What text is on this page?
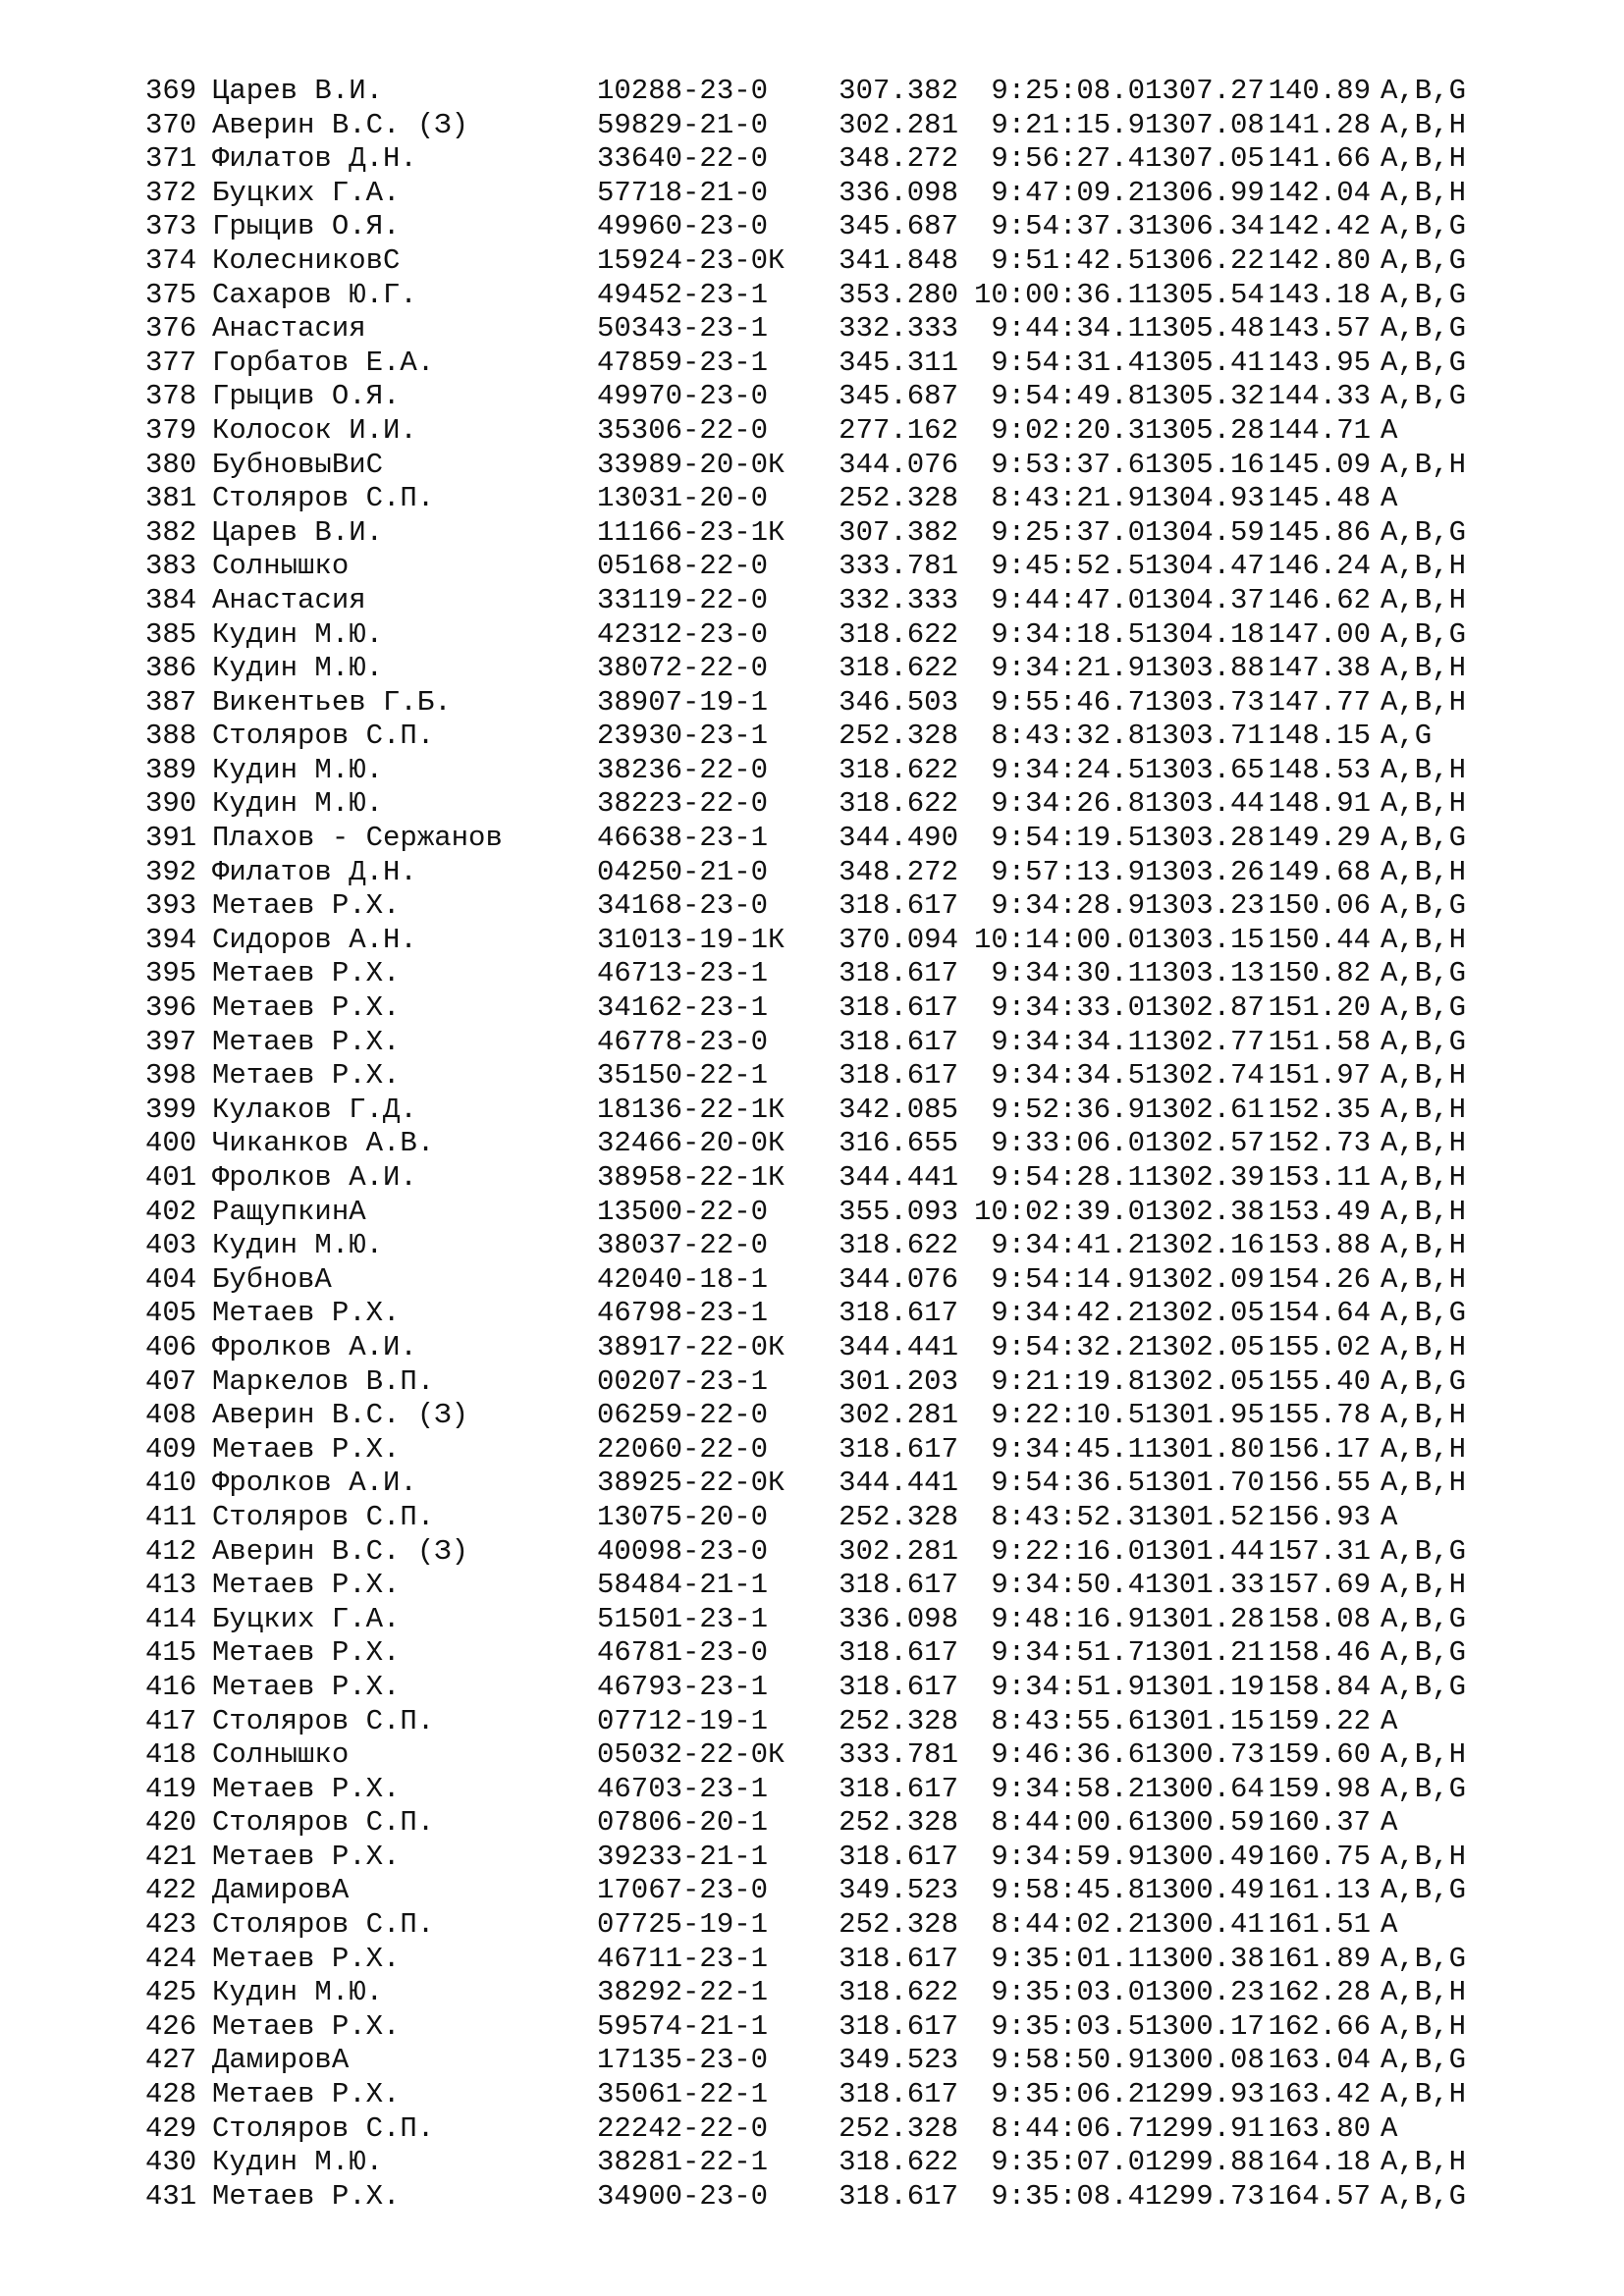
369 Царев В.И.	10288-23-0	307.382	9:25:08.0 1307.27 140.89 A,B,G
370 Аверин В.С. (З)	59829-21-0	302.281	9:21:15.9 1307.08 141.28 A,B,H
371 Филатов Д.Н.	33640-22-0	348.272	9:56:27.4 1307.05 141.66 A,B,H
372 Буцких Г.А.	57718-21-0	336.098	9:47:09.2 1306.99 142.04 A,B,H
373 Грыцив О.Я.	49960-23-0	345.687	9:54:37.3 1306.34 142.42 A,B,G
374 КолесниковС	15924-23-0К	341.848	9:51:42.5 1306.22 142.80 A,B,G
375 Сахаров Ю.Г.	49452-23-1	353.280 10:00:36.1 1305.54 143.18 A,B,G
376 Анастасия	50343-23-1	332.333	9:44:34.1 1305.48 143.57 A,B,G
377 Горбатов Е.А.	47859-23-1	345.311	9:54:31.4 1305.41 143.95 A,B,G
378 Грыцив О.Я.	49970-23-0	345.687	9:54:49.8 1305.32 144.33 A,B,G
379 Колосок И.И.	35306-22-0	277.162	9:02:20.3 1305.28 144.71 A
380 БубновыВиС	33989-20-0К	344.076	9:53:37.6 1305.16 145.09 A,B,H
381 Столяров С.П.	13031-20-0	252.328	8:43:21.9 1304.93 145.48 A
382 Царев В.И.	11166-23-1К	307.382	9:25:37.0 1304.59 145.86 A,B,G
383 Солнышко	05168-22-0	333.781	9:45:52.5 1304.47 146.24 A,B,H
384 Анастасия	33119-22-0	332.333	9:44:47.0 1304.37 146.62 A,B,H
385 Кудин М.Ю.	42312-23-0	318.622	9:34:18.5 1304.18 147.00 A,B,G
386 Кудин М.Ю.	38072-22-0	318.622	9:34:21.9 1303.88 147.38 A,B,H
387 Викентьев Г.Б.	38907-19-1	346.503	9:55:46.7 1303.73 147.77 A,B,H
388 Столяров С.П.	23930-23-1	252.328	8:43:32.8 1303.71 148.15 A,G
389 Кудин М.Ю.	38236-22-0	318.622	9:34:24.5 1303.65 148.53 A,B,H
390 Кудин М.Ю.	38223-22-0	318.622	9:34:26.8 1303.44 148.91 A,B,H
391 Плахов - Сержанов	46638-23-1	344.490	9:54:19.5 1303.28 149.29 A,B,G
392 Филатов Д.Н.	04250-21-0	348.272	9:57:13.9 1303.26 149.68 A,B,H
393 Метаев Р.Х.	34168-23-0	318.617	9:34:28.9 1303.23 150.06 A,B,G
394 Сидоров А.Н.	31013-19-1К	370.094 10:14:00.0 1303.15 150.44 A,B,H
395 Метаев Р.Х.	46713-23-1	318.617	9:34:30.1 1303.13 150.82 A,B,G
396 Метаев Р.Х.	34162-23-1	318.617	9:34:33.0 1302.87 151.20 A,B,G
397 Метаев Р.Х.	46778-23-0	318.617	9:34:34.1 1302.77 151.58 A,B,G
398 Метаев Р.Х.	35150-22-1	318.617	9:34:34.5 1302.74 151.97 A,B,H
399 Кулаков Г.Д.	18136-22-1К	342.085	9:52:36.9 1302.61 152.35 A,B,H
400 Чиканков А.В.	32466-20-0К	316.655	9:33:06.0 1302.57 152.73 A,B,H
401 Фролков А.И.	38958-22-1К	344.441	9:54:28.1 1302.39 153.11 A,B,H
402 РащупкинА	13500-22-0	355.093 10:02:39.0 1302.38 153.49 A,B,H
403 Кудин М.Ю.	38037-22-0	318.622	9:34:41.2 1302.16 153.88 A,B,H
404 БубновА	42040-18-1	344.076	9:54:14.9 1302.09 154.26 A,B,H
405 Метаев Р.Х.	46798-23-1	318.617	9:34:42.2 1302.05 154.64 A,B,G
406 Фролков А.И.	38917-22-0К	344.441	9:54:32.2 1302.05 155.02 A,B,H
407 Маркелов В.П.	00207-23-1	301.203	9:21:19.8 1302.05 155.40 A,B,G
408 Аверин В.С. (З)	06259-22-0	302.281	9:22:10.5 1301.95 155.78 A,B,H
409 Метаев Р.Х.	22060-22-0	318.617	9:34:45.1 1301.80 156.17 A,B,H
410 Фролков А.И.	38925-22-0К	344.441	9:54:36.5 1301.70 156.55 A,B,H
411 Столяров С.П.	13075-20-0	252.328	8:43:52.3 1301.52 156.93 A
412 Аверин В.С. (З)	40098-23-0	302.281	9:22:16.0 1301.44 157.31 A,B,G
413 Метаев Р.Х.	58484-21-1	318.617	9:34:50.4 1301.33 157.69 A,B,H
414 Буцких Г.А.	51501-23-1	336.098	9:48:16.9 1301.28 158.08 A,B,G
415 Метаев Р.Х.	46781-23-0	318.617	9:34:51.7 1301.21 158.46 A,B,G
416 Метаев Р.Х.	46793-23-1	318.617	9:34:51.9 1301.19 158.84 A,B,G
417 Столяров С.П.	07712-19-1	252.328	8:43:55.6 1301.15 159.22 A
418 Солнышко	05032-22-0К	333.781	9:46:36.6 1300.73 159.60 A,B,H
419 Метаев Р.Х.	46703-23-1	318.617	9:34:58.2 1300.64 159.98 A,B,G
420 Столяров С.П.	07806-20-1	252.328	8:44:00.6 1300.59 160.37 A
421 Метаев Р.Х.	39233-21-1	318.617	9:34:59.9 1300.49 160.75 A,B,H
422 ДамировА	17067-23-0	349.523	9:58:45.8 1300.49 161.13 A,B,G
423 Столяров С.П.	07725-19-1	252.328	8:44:02.2 1300.41 161.51 A
424 Метаев Р.Х.	46711-23-1	318.617	9:35:01.1 1300.38 161.89 A,B,G
425 Кудин М.Ю.	38292-22-1	318.622	9:35:03.0 1300.23 162.28 A,B,H
426 Метаев Р.Х.	59574-21-1	318.617	9:35:03.5 1300.17 162.66 A,B,H
427 ДамировА	17135-23-0	349.523	9:58:50.9 1300.08 163.04 A,B,G
428 Метаев Р.Х.	35061-22-1	318.617	9:35:06.2 1299.93 163.42 A,B,H
429 Столяров С.П.	22242-22-0	252.328	8:44:06.7 1299.91 163.80 A
430 Кудин М.Ю.	38281-22-1	318.622	9:35:07.0 1299.88 164.18 A,B,H
431 Метаев Р.Х.	34900-23-0	318.617	9:35:08.4 1299.73 164.57 A,B,G
